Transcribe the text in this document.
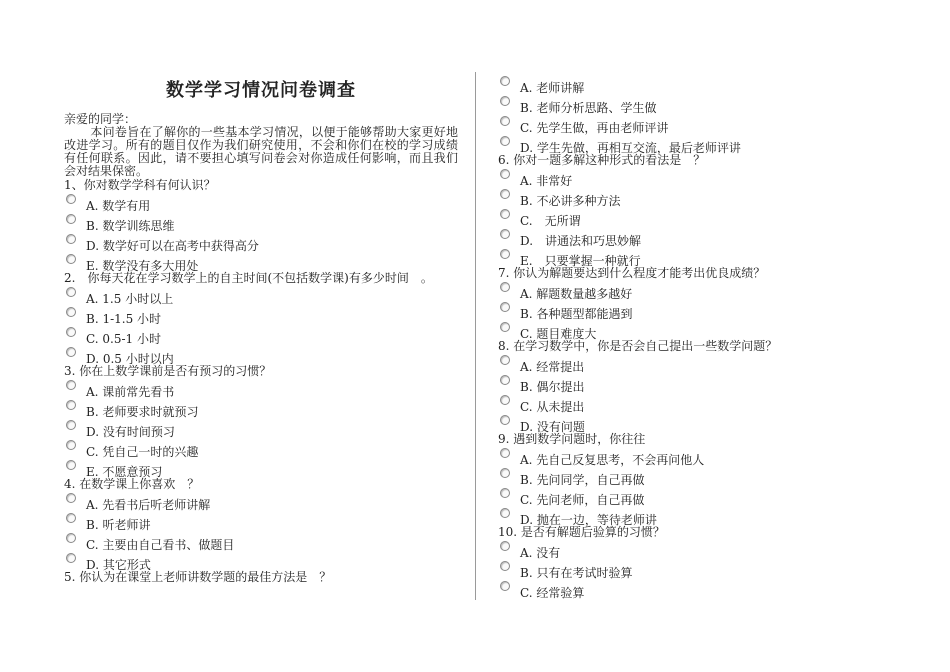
数学学习情况问卷调查
亲爱的同学：

本问卷旨在了解你的一些基本学习情况，以便于能够帮助大家更好地改进学习。所有的题目仅作为我们研究使用，不会和你们在校的学习成绩有任何联系。因此，请不要担心填写问卷会对你造成任何影响，而且我们会对结果保密。

1、你对数学学科有何认识？

A. 数学有用
B. 数学训练思维
D. 数学好可以在高考中获得高分
E. 数学没有多大用处

2.　你每天花在学习数学上的自主时间(不包括数学课)有多少时间　。

A. 1.5 小时以上
B. 1-1.5 小时
C. 0.5-1 小时
D. 0.5 小时以内

3. 你在上数学课前是否有预习的习惯？

A. 课前常先看书
B. 老师要求时就预习
D. 没有时间预习
C. 凭自己一时的兴趣
E. 不愿意预习

4. 在数学课上你喜欢　？

A. 先看书后听老师讲解
B. 听老师讲
C. 主要由自己看书、做题目
D. 其它形式

5. 你认为在课堂上老师讲数学题的最佳方法是　？

A. 老师讲解
B. 老师分析思路、学生做
C. 先学生做，再由老师评讲
D. 学生先做，再相互交流，最后老师评讲

6. 你对一题多解这种形式的看法是　？

A. 非常好
B. 不必讲多种方法
C.　无所谓
D.　讲通法和巧思妙解
E.　只要掌握一种就行

7. 你认为解题要达到什么程度才能考出优良成绩？

A. 解题数量越多越好
B. 各种题型都能遇到
C. 题目难度大

8. 在学习数学中，你是否会自己提出一些数学问题？

A. 经常提出
B. 偶尔提出
C. 从未提出
D. 没有问题

9. 遇到数学问题时，你往往

A. 先自己反复思考，不会再问他人
B. 先问同学，自己再做
C. 先问老师，自己再做
D. 抛在一边，等待老师讲

10. 是否有解题后验算的习惯？

A. 没有
B. 只有在考试时验算
C. 经常验算
